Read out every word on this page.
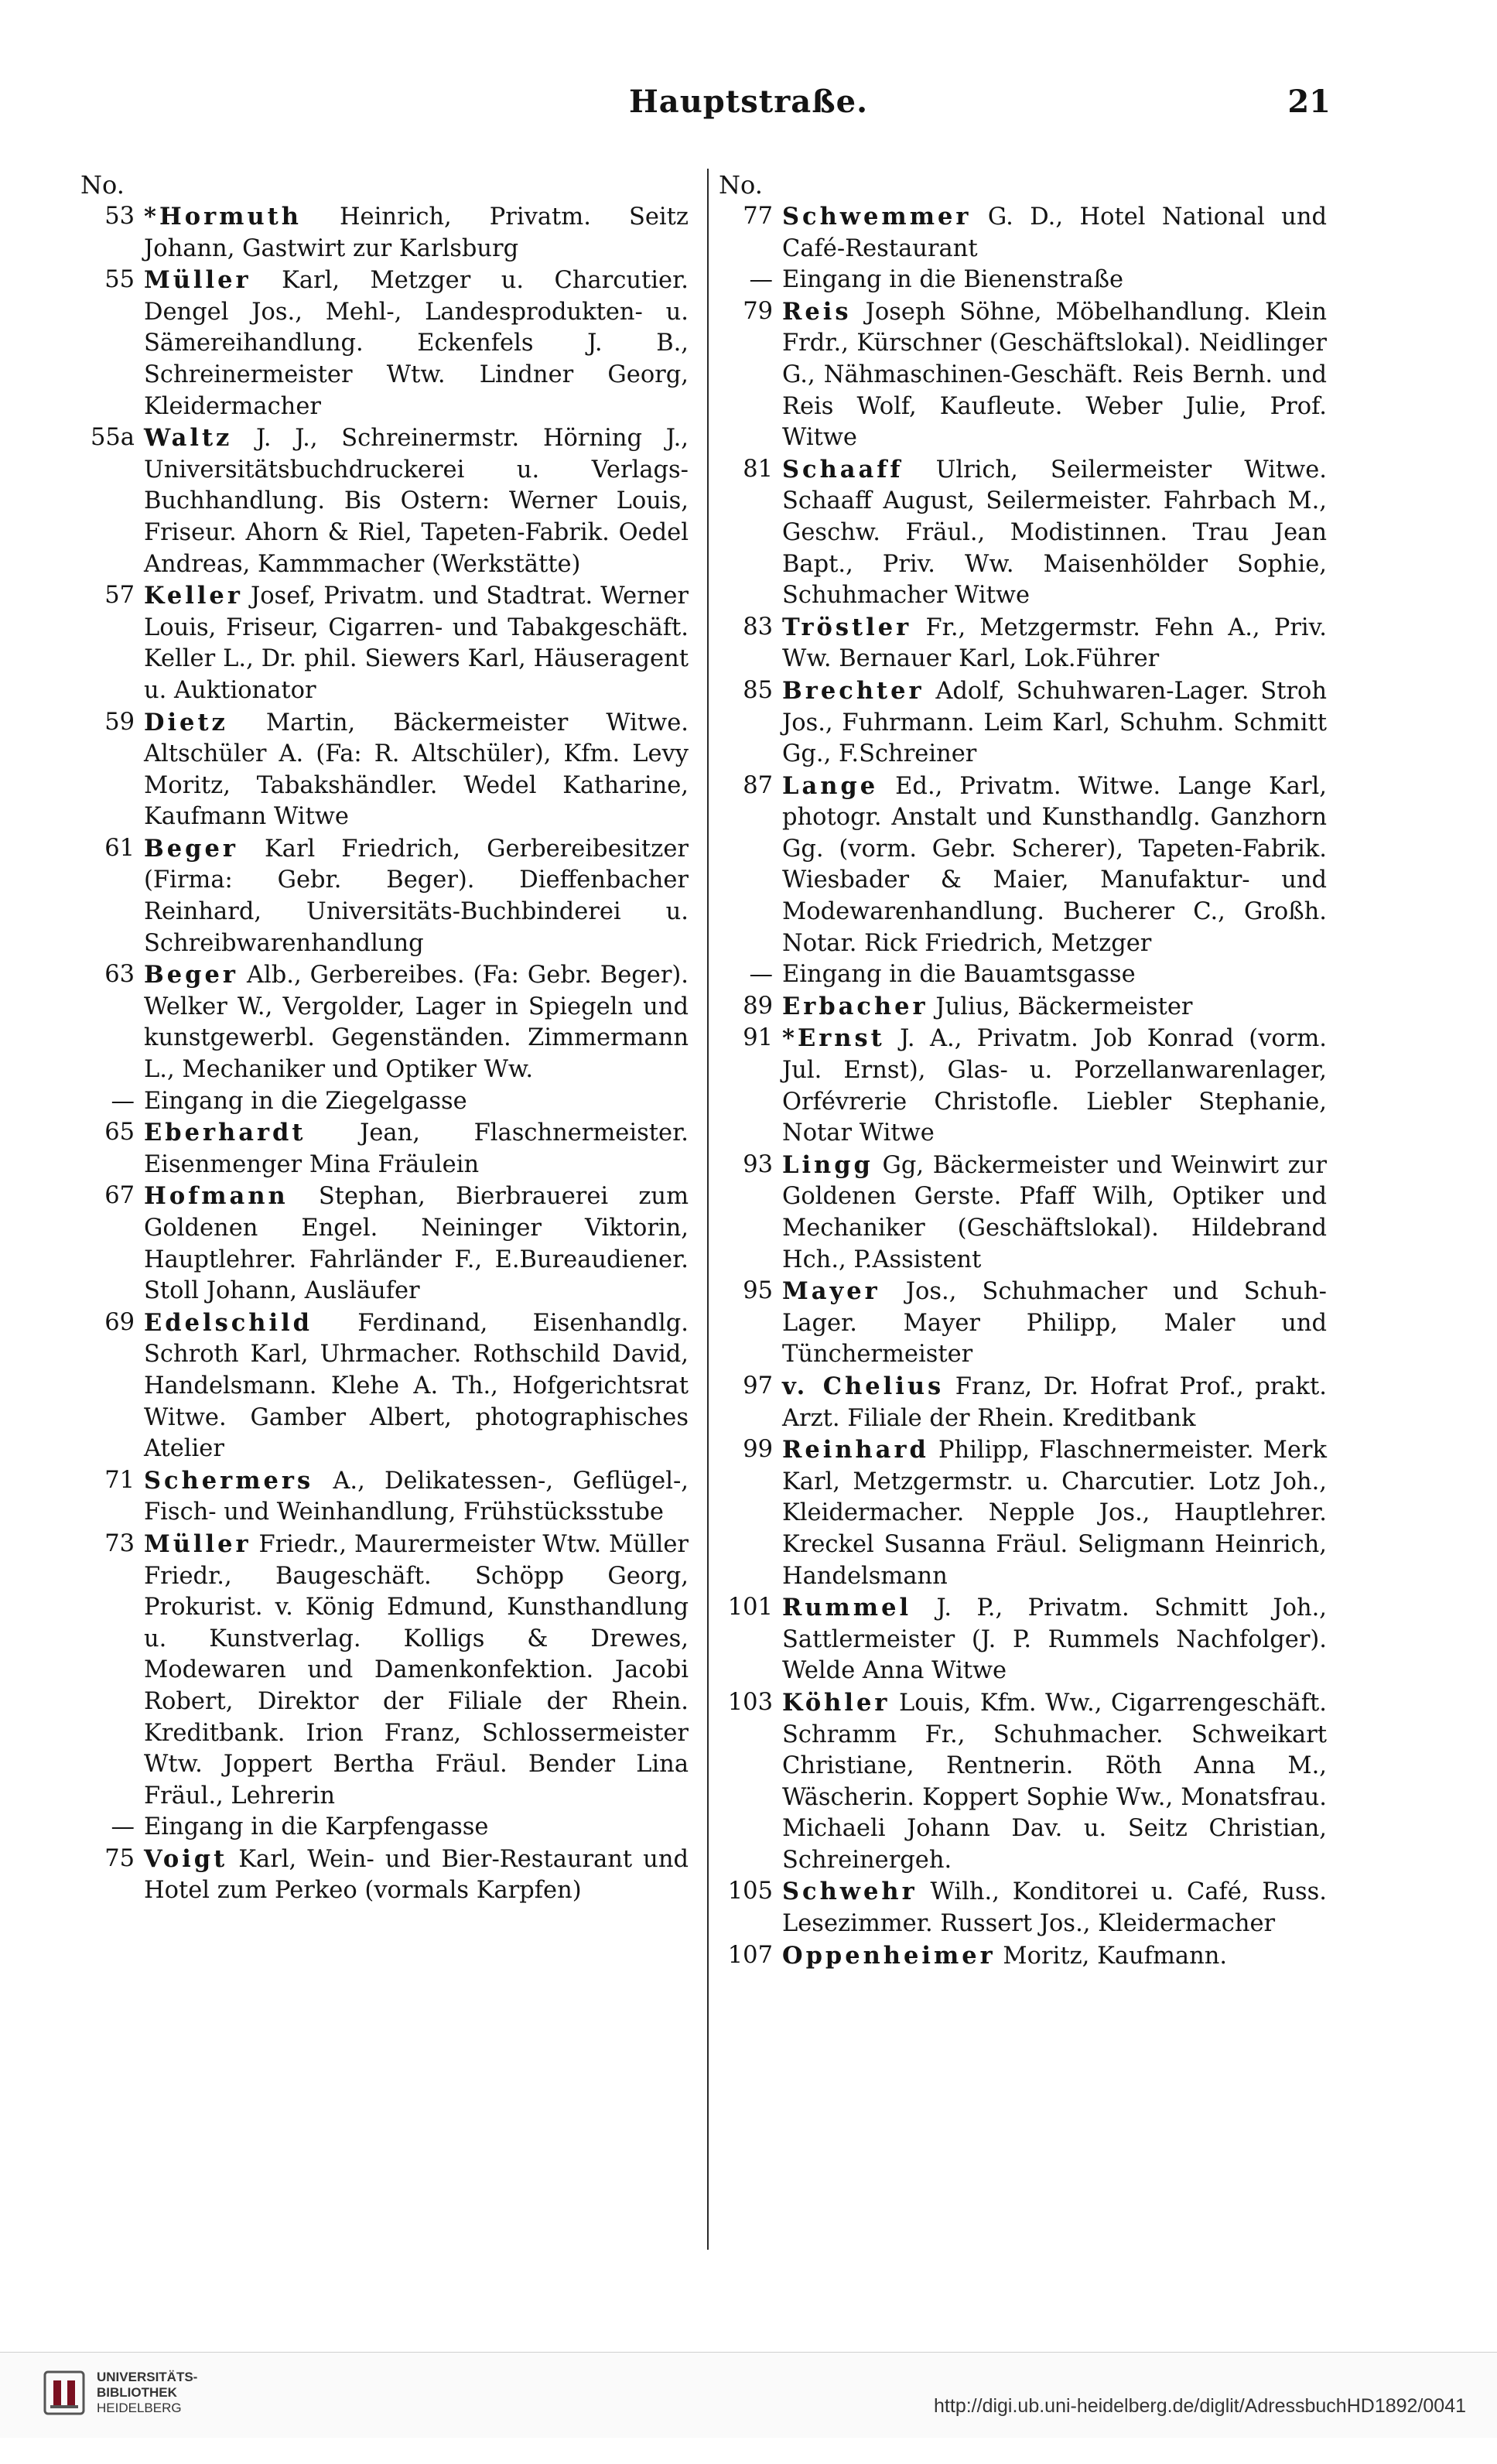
Hauptstraße.	21
No.
53 *Hormuth Heinrich, Privatm. Seitz Johann, Gastwirt zur Karlsburg
55 Müller Karl, Metzger u. Charcutier. Dengel Jos., Mehl-, Landesprodukten- u. Sämereihandlung. Eckenfels J. B., Schreinermeister Wtw. Lindner Georg, Kleidermacher
55a Waltz J. J., Schreinermstr. Hörning J., Universitätsbuchdruckerei u. Verlags-Buchhandlung. Bis Ostern: Werner Louis, Friseur. Ahorn & Riel, Tapeten-Fabrik. Oedel Andreas, Kammmacher (Werkstätte)
57 Keller Josef, Privatm. und Stadtrat. Werner Louis, Friseur, Cigarren- und Tabakgeschäft. Keller L., Dr. phil. Siewers Karl, Häuseragent u. Auktionator
59 Dietz Martin, Bäckermeister Witwe. Altschüler A. (Fa: R. Altschüler), Kfm. Levy Moritz, Tabakshändler. Wedel Katharine, Kaufmann Witwe
61 Beger Karl Friedrich, Gerbereibesitzer (Firma: Gebr. Beger). Dieffenbacher Reinhard, Universitäts-Buchbinderei u. Schreibwarenhandlung
63 Beger Alb., Gerbereibes. (Fa: Gebr. Beger). Welker W., Vergolder, Lager in Spiegeln und kunstgewerbl. Gegenständen. Zimmermann L., Mechaniker und Optiker Ww.
— Eingang in die Ziegelgasse
65 Eberhardt Jean, Flaschnermeister. Eisenmenger Mina Fräulein
67 Hofmann Stephan, Bierbrauerei zum Goldenen Engel. Neininger Viktorin, Hauptlehrer. Fahrländer F., E.Bureaudiener. Stoll Johann, Ausläufer
69 Edelschild Ferdinand, Eisenhandlg. Schroth Karl, Uhrmacher. Rothschild David, Handelsmann. Klehe A. Th., Hofgerichtsrat Witwe. Gamber Albert, photographisches Atelier
71 Schermers A., Delikatessen-, Geflügel-, Fisch- und Weinhandlung, Frühstücksstube
73 Müller Friedr., Maurermeister Wtw. Müller Friedr., Baugeschäft. Schöpp Georg, Prokurist. v. König Edmund, Kunsthandlung u. Kunstverlag. Kolligs & Drewes, Modewaren und Damenkonfektion. Jacobi Robert, Direktor der Filiale der Rhein. Kreditbank. Irion Franz, Schlossermeister Wtw. Joppert Bertha Fräul. Bender Lina Fräul., Lehrerin
— Eingang in die Karpfengasse
75 Voigt Karl, Wein- und Bier-Restaurant und Hotel zum Perkeo (vormals Karpfen)
No.
77 Schwemmer G. D., Hotel National und Café-Restaurant
— Eingang in die Bienenstraße
79 Reis Joseph Söhne, Möbelhandlung. Klein Frdr., Kürschner (Geschäftslokal). Neidlinger G., Nähmaschinen-Geschäft. Reis Bernh. und Reis Wolf, Kaufleute. Weber Julie, Prof. Witwe
81 Schaaff Ulrich, Seilermeister Witwe. Schaaff August, Seilermeister. Fahrbach M., Geschw. Fräul., Modistinnen. Trau Jean Bapt., Priv. Ww. Maisenhölder Sophie, Schuhmacher Witwe
83 Tröstler Fr., Metzgermstr. Fehn A., Priv. Ww. Bernauer Karl, Lok.Führer
85 Brechter Adolf, Schuhwaren-Lager. Stroh Jos., Fuhrmann. Leim Karl, Schuhm. Schmitt Gg., F.Schreiner
87 Lange Ed., Privatm. Witwe. Lange Karl, photogr. Anstalt und Kunsthandlg. Ganzhorn Gg. (vorm. Gebr. Scherer), Tapeten-Fabrik. Wiesbader & Maier, Manufaktur- und Modewarenhandlung. Bucherer C., Großh. Notar. Rick Friedrich, Metzger
— Eingang in die Bauamtsgasse
89 Erbacher Julius, Bäckermeister
91 *Ernst J. A., Privatm. Job Konrad (vorm. Jul. Ernst), Glas- u. Porzellanwarenlager, Orfévrerie Christofle. Liebler Stephanie, Notar Witwe
93 Lingg Gg, Bäckermeister und Weinwirt zur Goldenen Gerste. Pfaff Wilh, Optiker und Mechaniker (Geschäftslokal). Hildebrand Hch., P.Assistent
95 Mayer Jos., Schuhmacher und Schuh-Lager. Mayer Philipp, Maler und Tünchermeister
97 v. Chelius Franz, Dr. Hofrat Prof., prakt. Arzt. Filiale der Rhein. Kreditbank
99 Reinhard Philipp, Flaschnermeister. Merk Karl, Metzgermstr. u. Charcutier. Lotz Joh., Kleidermacher. Nepple Jos., Hauptlehrer. Kreckel Susanna Fräul. Seligmann Heinrich, Handelsmann
101 Rummel J. P., Privatm. Schmitt Joh., Sattlermeister (J. P. Rummels Nachfolger). Welde Anna Witwe
103 Köhler Louis, Kfm. Ww., Cigarrengeschäft. Schramm Fr., Schuhmacher. Schweikart Christiane, Rentnerin. Röth Anna M., Wäscherin. Koppert Sophie Ww., Monatsfrau. Michaeli Johann Dav. u. Seitz Christian, Schreinergeh.
105 Schwehr Wilh., Konditorei u. Café, Russ. Lesezimmer. Russert Jos., Kleidermacher
107 Oppenheimer Moritz, Kaufmann.
UNIVERSITÄTS-
BIBLIOTHEK
HEIDELBERG	http://digi.ub.uni-heidelberg.de/diglit/AdressbuchHD1892/0041
